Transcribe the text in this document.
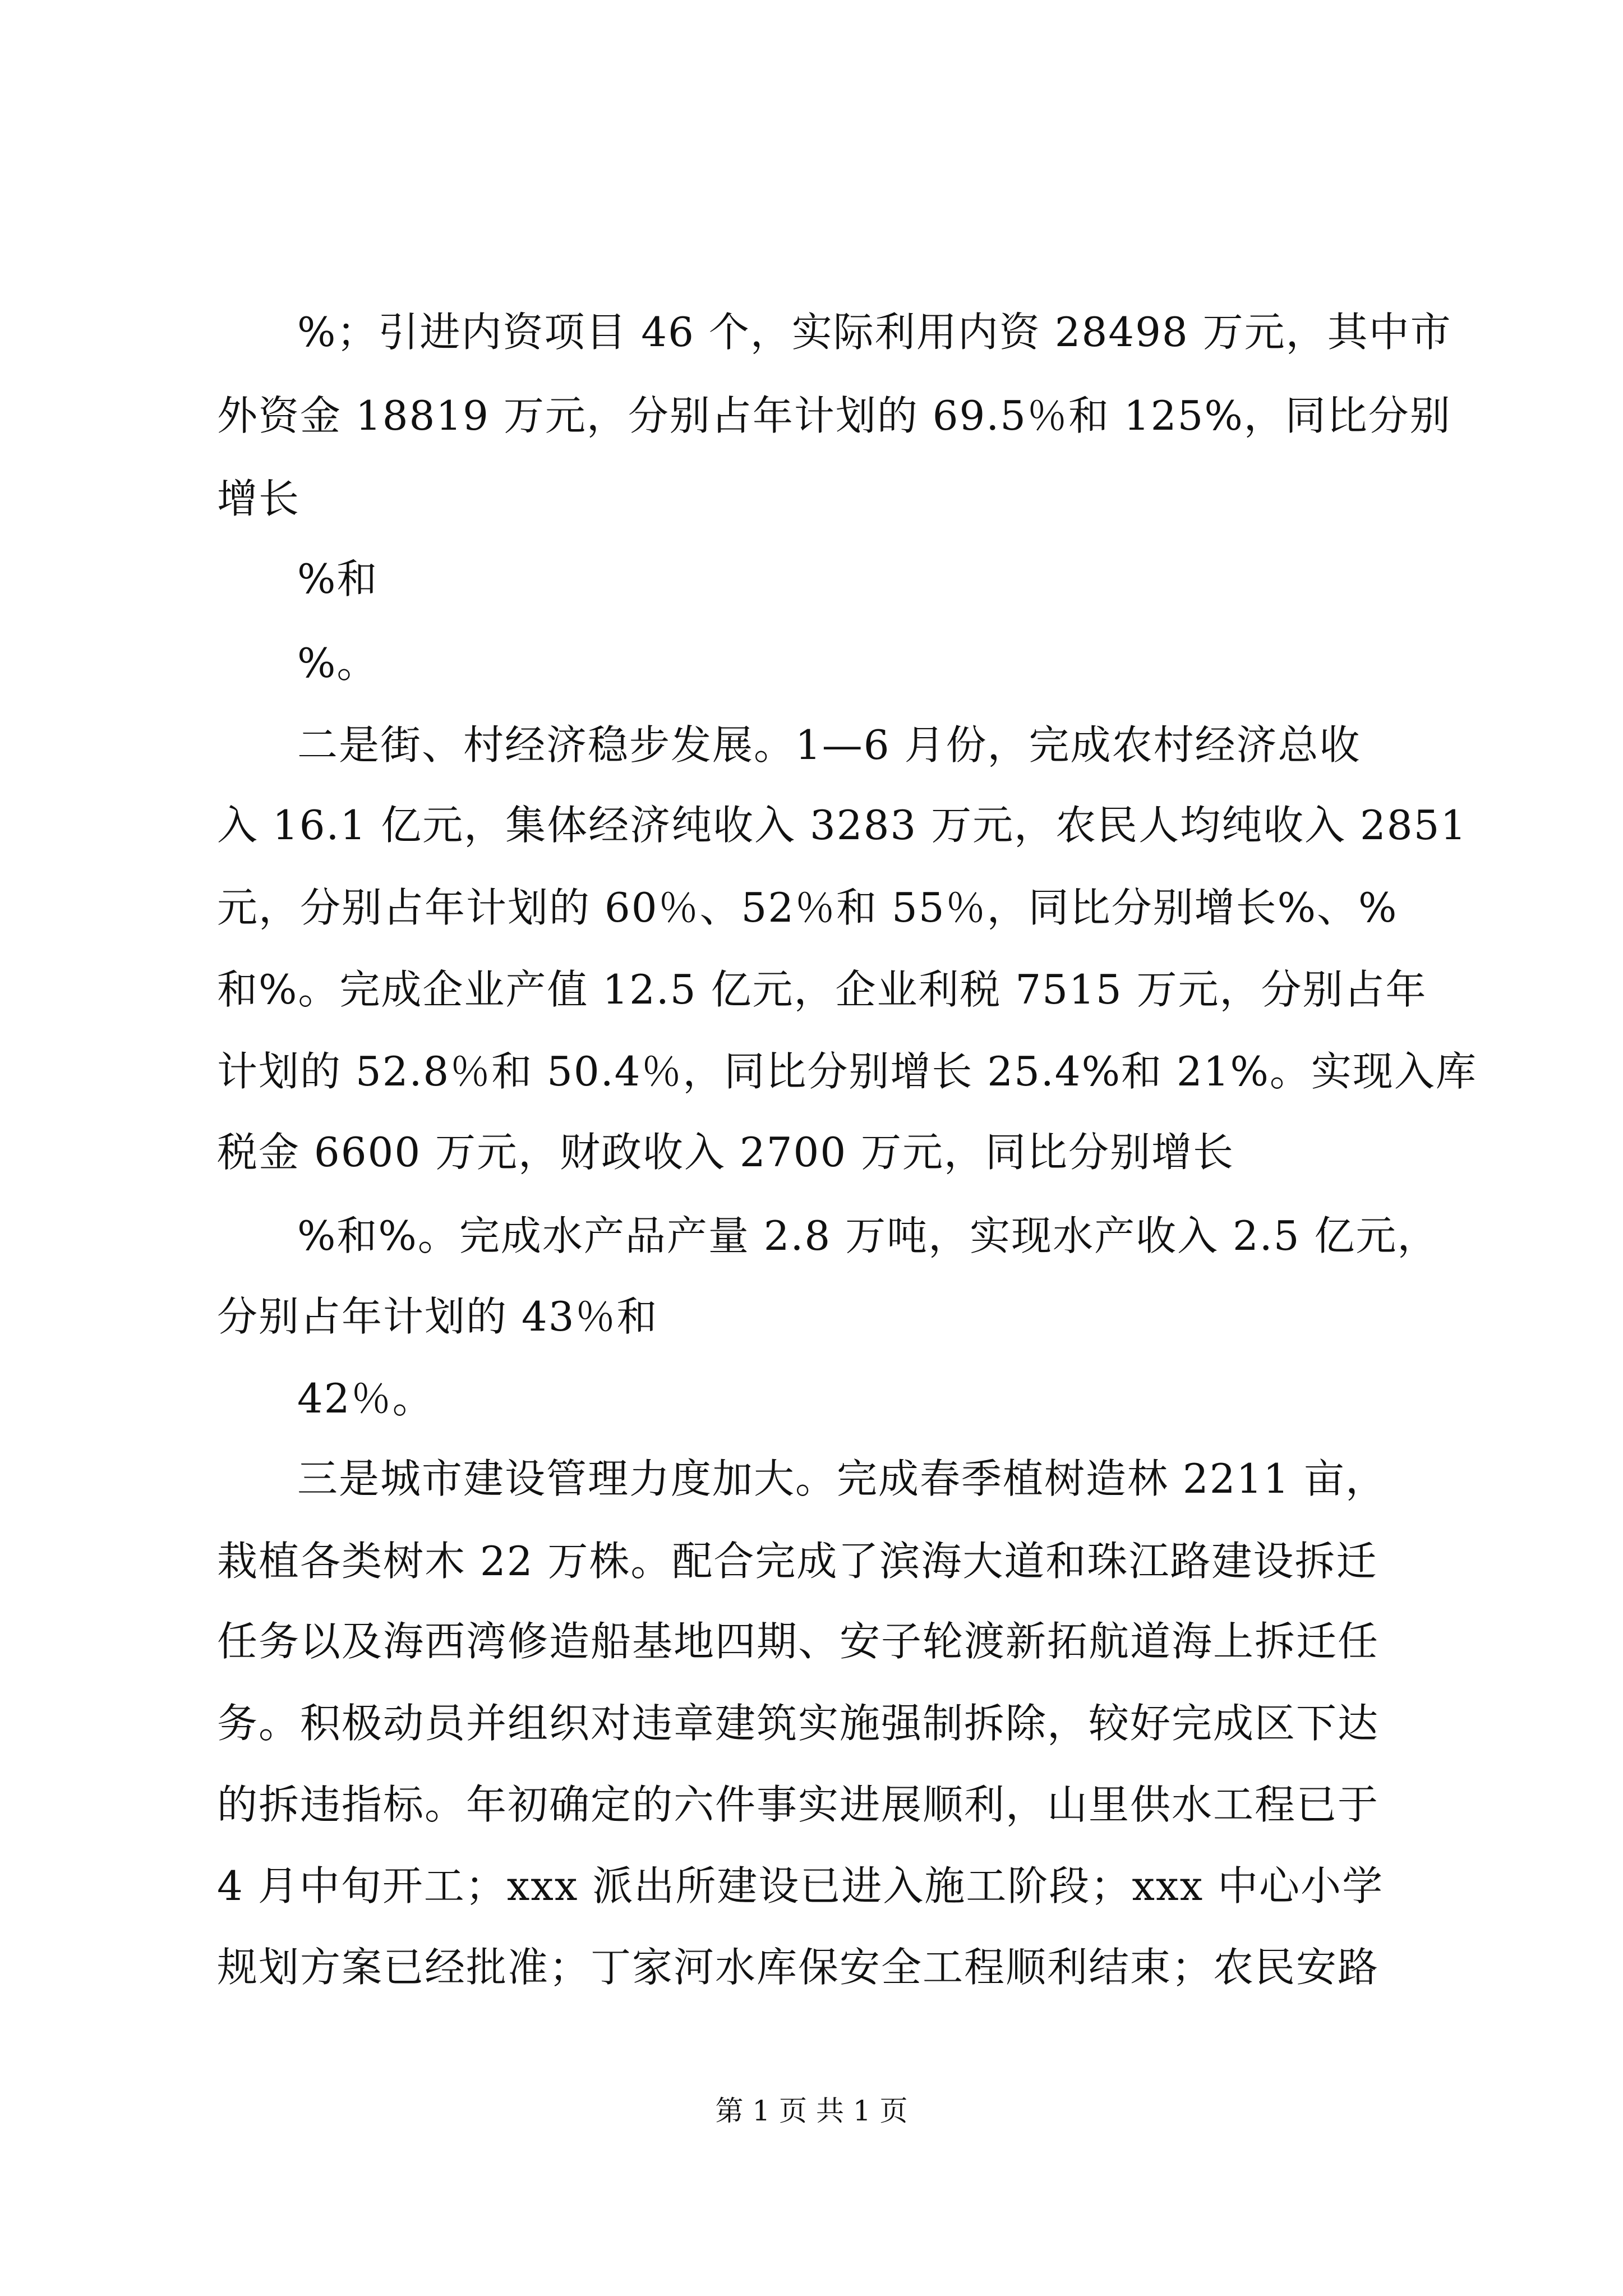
%；引进内资项目 46 个，实际利用内资 28498 万元，其中市
外资金 18819 万元，分别占年计划的 69.5％和 125%，同比分别
增长
%和
%。
二是街、村经济稳步发展。1—6 月份，完成农村经济总收
入 16.1 亿元，集体经济纯收入 3283 万元，农民人均纯收入 2851
元，分别占年计划的 60％、52％和 55％，同比分别增长%、%
和%。完成企业产值 12.5 亿元，企业利税 7515 万元，分别占年
计划的 52.8％和 50.4％，同比分别增长 25.4%和 21%。实现入库
税金 6600 万元，财政收入 2700 万元，同比分别增长
%和%。完成水产品产量 2.8 万吨，实现水产收入 2.5 亿元，
分别占年计划的 43％和
42％。
三是城市建设管理力度加大。完成春季植树造林 2211 亩，
栽植各类树木 22 万株。配合完成了滨海大道和珠江路建设拆迁
任务以及海西湾修造船基地四期、安子轮渡新拓航道海上拆迁任
务。积极动员并组织对违章建筑实施强制拆除，较好完成区下达
的拆违指标。年初确定的六件事实进展顺利，山里供水工程已于
4 月中旬开工；xxx 派出所建设已进入施工阶段；xxx 中心小学
规划方案已经批准；丁家河水库保安全工程顺利结束；农民安路
第 1 页 共 1 页
